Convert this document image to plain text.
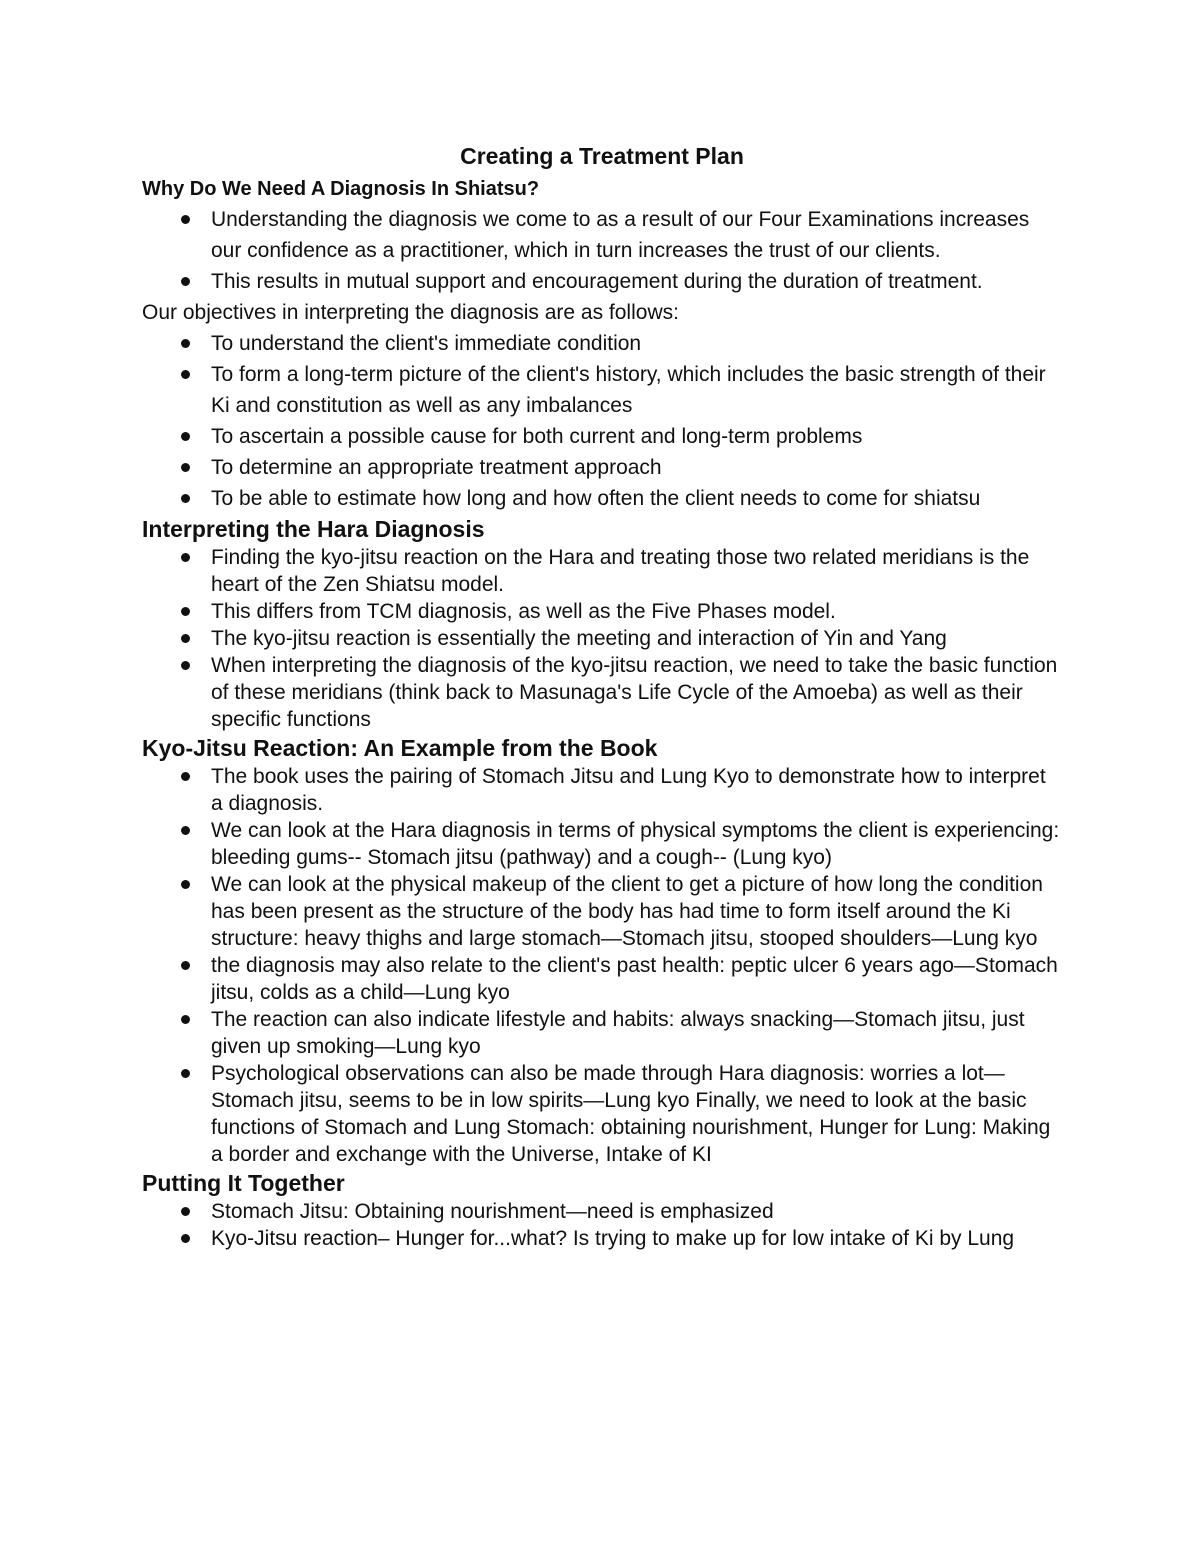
Creating a Treatment Plan
Why Do We Need A Diagnosis In Shiatsu?
Understanding the diagnosis we come to as a result of our Four Examinations increases our confidence as a practitioner, which in turn increases the trust of our clients.
This results in mutual support and encouragement during the duration of treatment.

Our objectives in interpreting the diagnosis are as follows:

To understand the client's immediate condition
To form a long-term picture of the client's history, which includes the basic strength of their Ki and constitution as well as any imbalances
To ascertain a possible cause for both current and long-term problems
To determine an appropriate treatment approach
To be able to estimate how long and how often the client needs to come for shiatsu
Interpreting the Hara Diagnosis
Finding the kyo-jitsu reaction on the Hara and treating those two related meridians is the heart of the Zen Shiatsu model.
This differs from TCM diagnosis, as well as the Five Phases model.
The kyo-jitsu reaction is essentially the meeting and interaction of Yin and Yang
When interpreting the diagnosis of the kyo-jitsu reaction, we need to take the basic function of these meridians (think back to Masunaga's Life Cycle of the Amoeba) as well as their specific functions
Kyo-Jitsu Reaction: An Example from the Book
The book uses the pairing of Stomach Jitsu and Lung Kyo to demonstrate how to interpret a diagnosis.
We can look at the Hara diagnosis in terms of physical symptoms the client is experiencing: bleeding gums-- Stomach jitsu (pathway) and a cough-- (Lung kyo)
We can look at the physical makeup of the client to get a picture of how long the condition has been present as the structure of the body has had time to form itself around the Ki structure: heavy thighs and large stomach—Stomach jitsu, stooped shoulders—Lung kyo
the diagnosis may also relate to the client's past health: peptic ulcer 6 years ago—Stomach jitsu, colds as a child—Lung kyo
The reaction can also indicate lifestyle and habits: always snacking—Stomach jitsu, just given up smoking—Lung kyo
Psychological observations can also be made through Hara diagnosis: worries a lot—Stomach jitsu, seems to be in low spirits—Lung kyo Finally, we need to look at the basic functions of Stomach and Lung Stomach: obtaining nourishment, Hunger for Lung: Making a border and exchange with the Universe, Intake of KI
Putting It Together
Stomach Jitsu: Obtaining nourishment—need is emphasized
Kyo-Jitsu reaction– Hunger for...what? Is trying to make up for low intake of Ki by Lung
